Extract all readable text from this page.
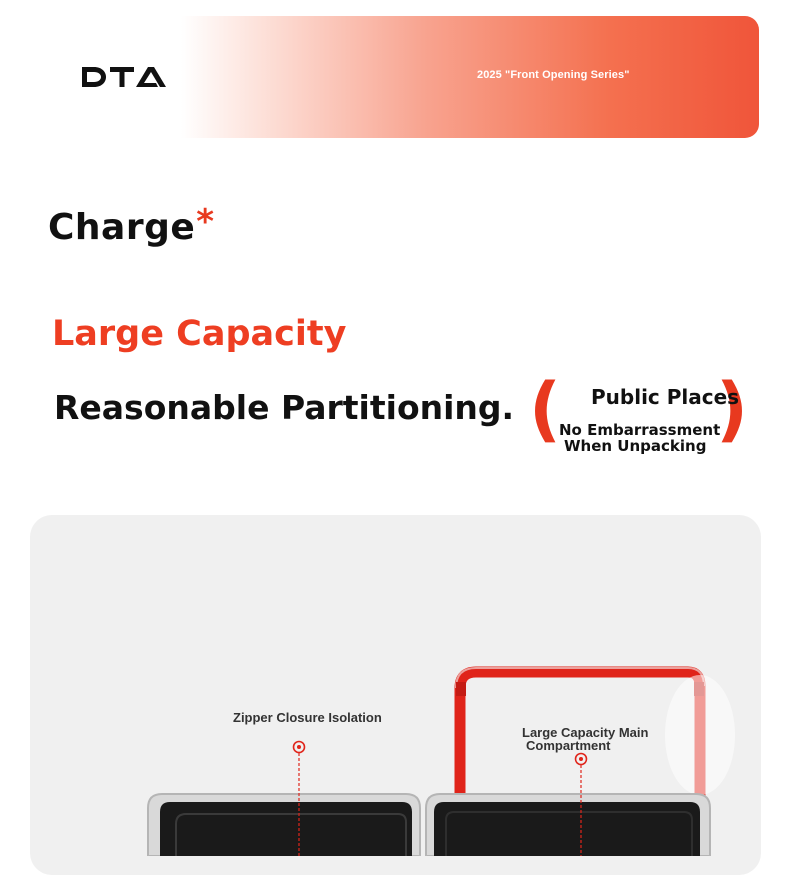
2025 "Front Opening Series"
Charge*
Large Capacity
Reasonable Partitioning. ( )
Public Places
No Embarrassment
When Unpacking
Zipper Closure Isolation
Large Capacity Main
Compartment
